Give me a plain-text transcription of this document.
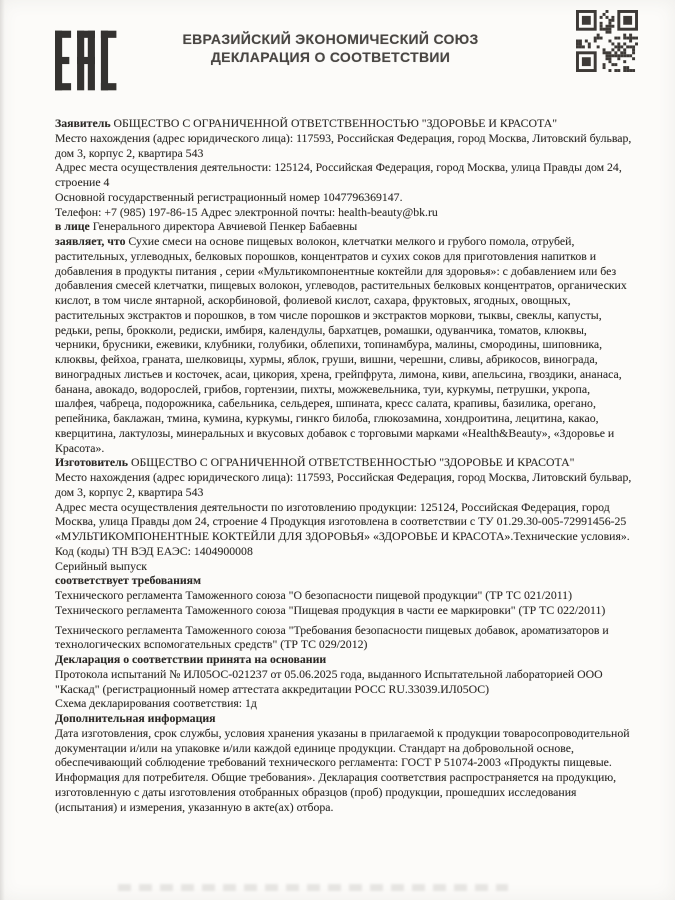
ЕВРАЗИЙСКИЙ ЭКОНОМИЧЕСКИЙ СОЮЗ
ДЕКЛАРАЦИЯ О СООТВЕТСТВИИ

Заявитель ОБЩЕСТВО С ОГРАНИЧЕННОЙ ОТВЕТСТВЕННОСТЬЮ "ЗДОРОВЬЕ И КРАСОТА"

Место нахождения (адрес юридического лица): 117593, Российская Федерация, город Москва, Литовский бульвар, дом 3, корпус 2, квартира 543

Адрес места осуществления деятельности: 125124, Российская Федерация, город Москва, улица Правды дом 24, строение 4

Основной государственный регистрационный номер 1047796369147.

Телефон: +7 (985) 197-86-15 Адрес электронной почты: health-beauty@bk.ru

в лице Генерального директора Авчиевой Пенкер Бабаевны

заявляет, что Сухие смеси на основе пищевых волокон, клетчатки мелкого и грубого помола, отрубей, растительных, углеводных, белковых порошков, концентратов и сухих соков для приготовления напитков и добавления в продукты питания , серии «Мультикомпонентные коктейли для здоровья»: с добавлением или без добавления смесей клетчатки, пищевых волокон, углеводов, растительных белковых концентратов, органических кислот, в том числе янтарной, аскорбиновой, фолиевой кислот, сахара, фруктовых, ягодных, овощных, растительных экстрактов и порошков, в том числе порошков и экстрактов моркови, тыквы, свеклы, капусты, редьки, репы, брокколи, редиски, имбиря, календулы, бархатцев, ромашки, одуванчика, томатов, клюквы, черники, брусники, ежевики, клубники, голубики, облепихи, топинамбура, малины, смородины, шиповника, клюквы, фейхоа, граната, шелковицы, хурмы, яблок, груши, вишни, черешни, сливы, абрикосов, винограда, виноградных листьев и косточек, асаи, цикория, хрена, грейпфрута, лимона, киви, апельсина, гвоздики, ананаса, банана, авокадо, водорослей, грибов, гортензии, пихты, можжевельника, туи, куркумы, петрушки, укропа, шалфея, чабреца, подорожника, сабельника, сельдерея, шпината, кресс салата, крапивы, базилика, орегано, репейника, баклажан, тмина, кумина, куркумы, гинкго билоба, глюкозамина, хондроитина, лецитина, какао, кверцитина, лактулозы, минеральных и вкусовых добавок с торговыми марками «Health&Beauty», «Здоровье и Красота».

Изготовитель ОБЩЕСТВО С ОГРАНИЧЕННОЙ ОТВЕТСТВЕННОСТЬЮ "ЗДОРОВЬЕ И КРАСОТА"

Место нахождения (адрес юридического лица): 117593, Российская Федерация, город Москва, Литовский бульвар, дом 3, корпус 2, квартира 543

Адрес места осуществления деятельности по изготовлению продукции: 125124, Российская Федерация, город Москва, улица Правды дом 24, строение 4 Продукция изготовлена в соответствии с ТУ 01.29.30-005-72991456-25 «МУЛЬТИКОМПОНЕНТНЫЕ КОКТЕЙЛИ ДЛЯ ЗДОРОВЬЯ» «ЗДОРОВЬЕ И КРАСОТА».Технические условия».

Код (коды) ТН ВЭД ЕАЭС: 1404900008

Серийный выпуск

соответствует требованиям

Технического регламента Таможенного союза "О безопасности пищевой продукции" (ТР ТС 021/2011)

Технического регламента Таможенного союза "Пищевая продукция в части ее маркировки" (ТР ТС 022/2011)

Технического регламента Таможенного союза "Требования безопасности пищевых добавок, ароматизаторов и технологических вспомогательных средств" (ТР ТС 029/2012)

Декларация о соответствии принята на основании

Протокола испытаний № ИЛ05ОС-021237 от 05.06.2025 года, выданного Испытательной лабораторией ООО "Каскад" (регистрационный номер аттестата аккредитации РОСС RU.33039.ИЛ05ОС)

Схема декларирования соответствия: 1д

Дополнительная информация

Дата изготовления, срок службы, условия хранения указаны в прилагаемой к продукции товаросопроводительной документации и/или на упаковке и/или каждой единице продукции. Стандарт на добровольной основе, обеспечивающий соблюдение требований технического регламента: ГОСТ Р 51074-2003 «Продукты пищевые. Информация для потребителя. Общие требования». Декларация соответствия распространяется на продукцию, изготовленную с даты изготовления отобранных образцов (проб) продукции, прошедших исследования (испытания) и измерения, указанную в акте(ах) отбора.
